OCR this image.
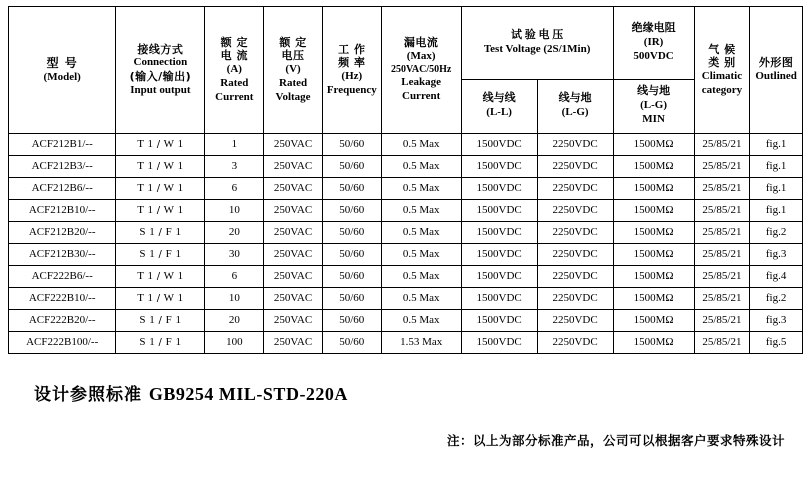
型 号
(Model)

接线方式
Connection
(输入/输出)
Input output

额 定
电 流
(A)
Rated
Current

额 定
电压
(V)
Rated
Voltage

工 作
频 率
(Hz)
Frequency

漏电流
(Max)
250VAC/50Hz
Leakage
Current

试 验 电 压
Test Voltage (2S/1Min)
线与线
(L-L)
线与地
(L-G)

绝缘电阻
(IR)
500VDC
线与地
(L-G)
MIN

气 候
类 别
Climatic
category

外形图
Outlined

ACF212B1/--	T 1 / W 1	1	250VAC	50/60	0.5 Max	1500VDC	2250VDC	1500MΩ	25/85/21	fig.1
ACF212B3/--	T 1 / W 1	3	250VAC	50/60	0.5 Max	1500VDC	2250VDC	1500MΩ	25/85/21	fig.1
ACF212B6/--	T 1 / W 1	6	250VAC	50/60	0.5 Max	1500VDC	2250VDC	1500MΩ	25/85/21	fig.1
ACF212B10/--	T 1 / W 1	10	250VAC	50/60	0.5 Max	1500VDC	2250VDC	1500MΩ	25/85/21	fig.1
ACF212B20/--	S 1 / F 1	20	250VAC	50/60	0.5 Max	1500VDC	2250VDC	1500MΩ	25/85/21	fig.2
ACF212B30/--	S 1 / F 1	30	250VAC	50/60	0.5 Max	1500VDC	2250VDC	1500MΩ	25/85/21	fig.3
ACF222B6/--	T 1 / W 1	6	250VAC	50/60	0.5 Max	1500VDC	2250VDC	1500MΩ	25/85/21	fig.4
ACF222B10/--	T 1 / W 1	10	250VAC	50/60	0.5 Max	1500VDC	2250VDC	1500MΩ	25/85/21	fig.2
ACF222B20/--	S 1 / F 1	20	250VAC	50/60	0.5 Max	1500VDC	2250VDC	1500MΩ	25/85/21	fig.3
ACF222B100/--	S 1 / F 1	100	250VAC	50/60	1.53 Max	1500VDC	2250VDC	1500MΩ	25/85/21	fig.5
设计参照标准 GB9254 MIL-STD-220A
注：以上为部分标准产品，公司可以根据客户要求特殊设计
